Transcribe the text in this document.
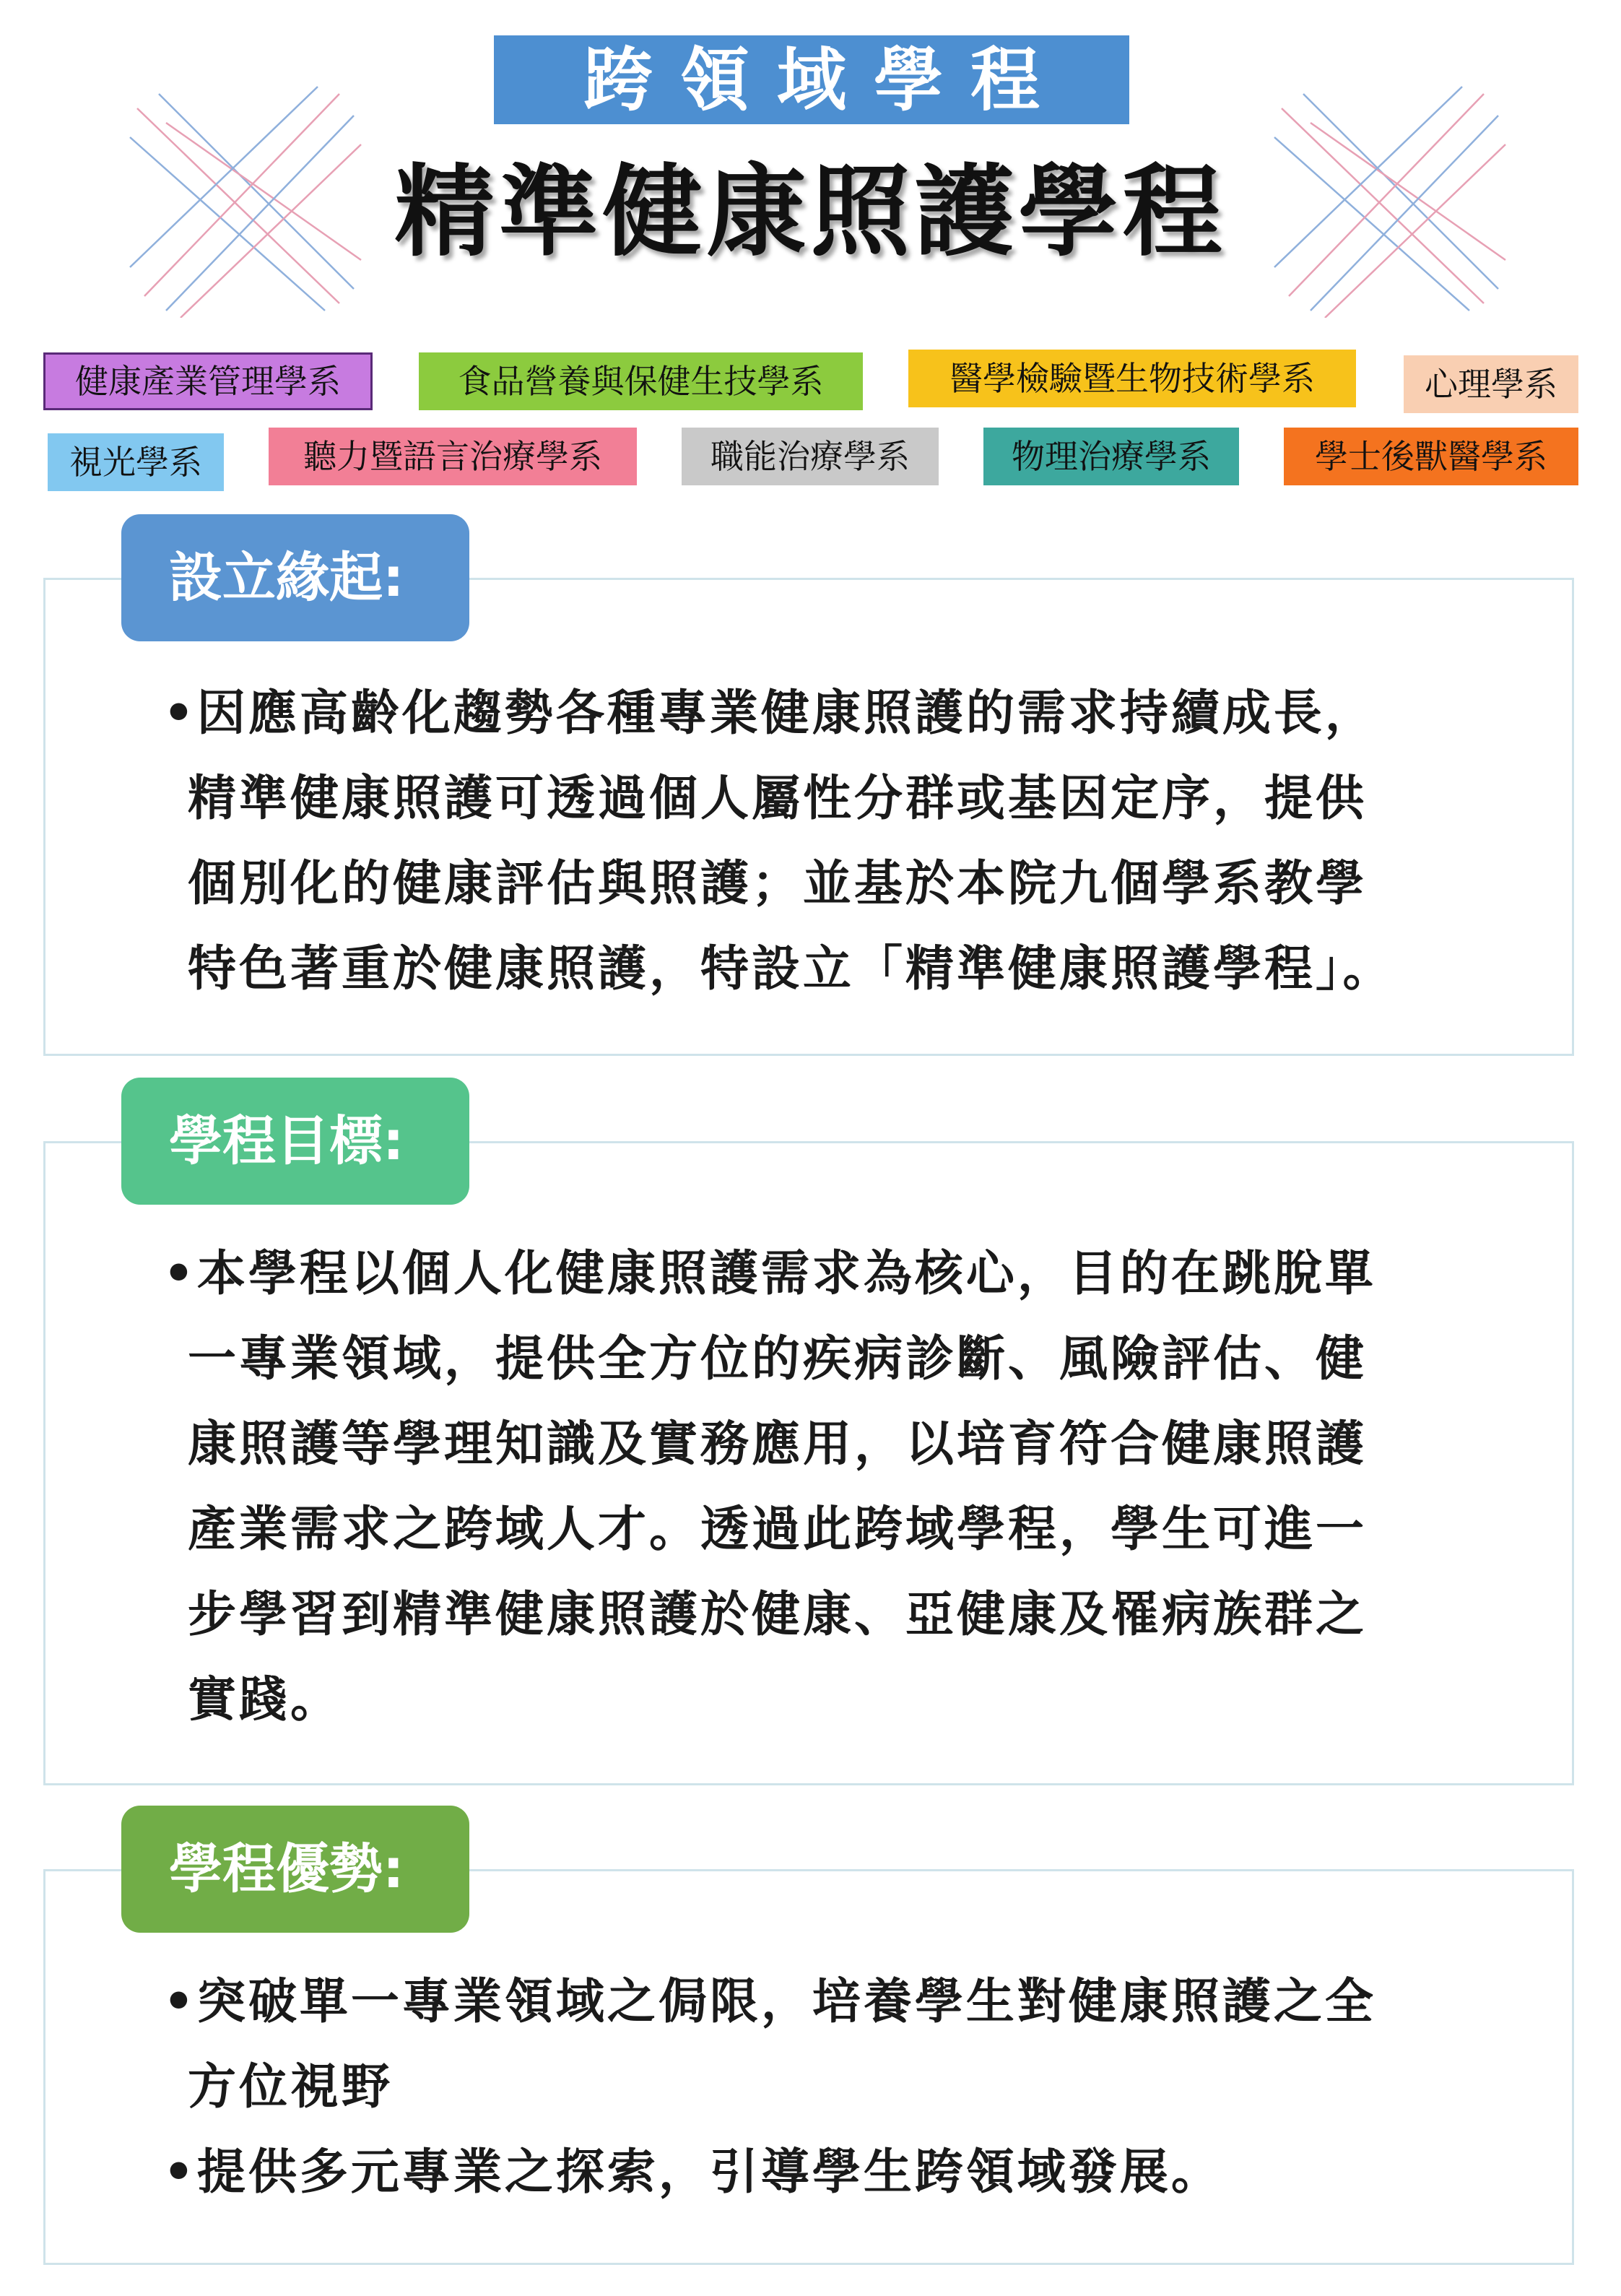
跨領域學程
精準健康照護學程
健康產業管理學系	食品營養與保健生技學系	醫學檢驗暨生物技術學系	心理學系
視光學系	聽力暨語言治療學系	職能治療學系	物理治療學系	學士後獸醫學系
設立緣起:
•因應高齡化趨勢各種專業健康照護的需求持續成長，
精準健康照護可透過個人屬性分群或基因定序，提供
個別化的健康評估與照護；並基於本院九個學系教學
特色著重於健康照護，特設立「精準健康照護學程」。
學程目標:
•本學程以個人化健康照護需求為核心，目的在跳脫單
一專業領域，提供全方位的疾病診斷、風險評估、健
康照護等學理知識及實務應用，以培育符合健康照護
產業需求之跨域人才。透過此跨域學程，學生可進一
步學習到精準健康照護於健康、亞健康及罹病族群之
實踐。
學程優勢:
•突破單一專業領域之侷限，培養學生對健康照護之全
方位視野
•提供多元專業之探索，引導學生跨領域發展。
